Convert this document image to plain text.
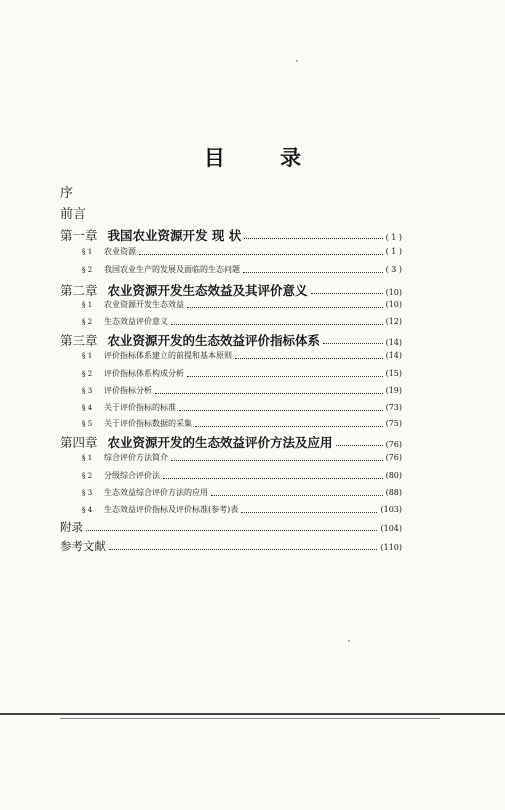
目 录
序
前言
第一章 我国农业资源开发 现 状	( 1 )
§ 1	农业资源	( 1 )
§ 2	我国农业生产的发展及面临的生态问题	( 3 )
第二章 农业资源开发生态效益及其评价意义	(10)
§ 1	农业资源开发生态效益	(10)
§ 2	生态效益评价意义	(12)
第三章 农业资源开发的生态效益评价指标体系	(14)
§ 1	评价指标体系建立的前提和基本原则	(14)
§ 2	评价指标体系构成分析	(15)
§ 3	评价指标分析	(19)
§ 4	关于评价指标的标准	(73)
§ 5	关于评价指标数据的采集	(75)
第四章 农业资源开发的生态效益评价方法及应用	(76)
§ 1	综合评价方法简介	(76)
§ 2	分级综合评价法	(80)
§ 3	生态效益综合评价方法的应用	(88)
§ 4	生态效益评价指标及评价标准(参考)表	(103)
附录	(104)
参考文献	(110)
